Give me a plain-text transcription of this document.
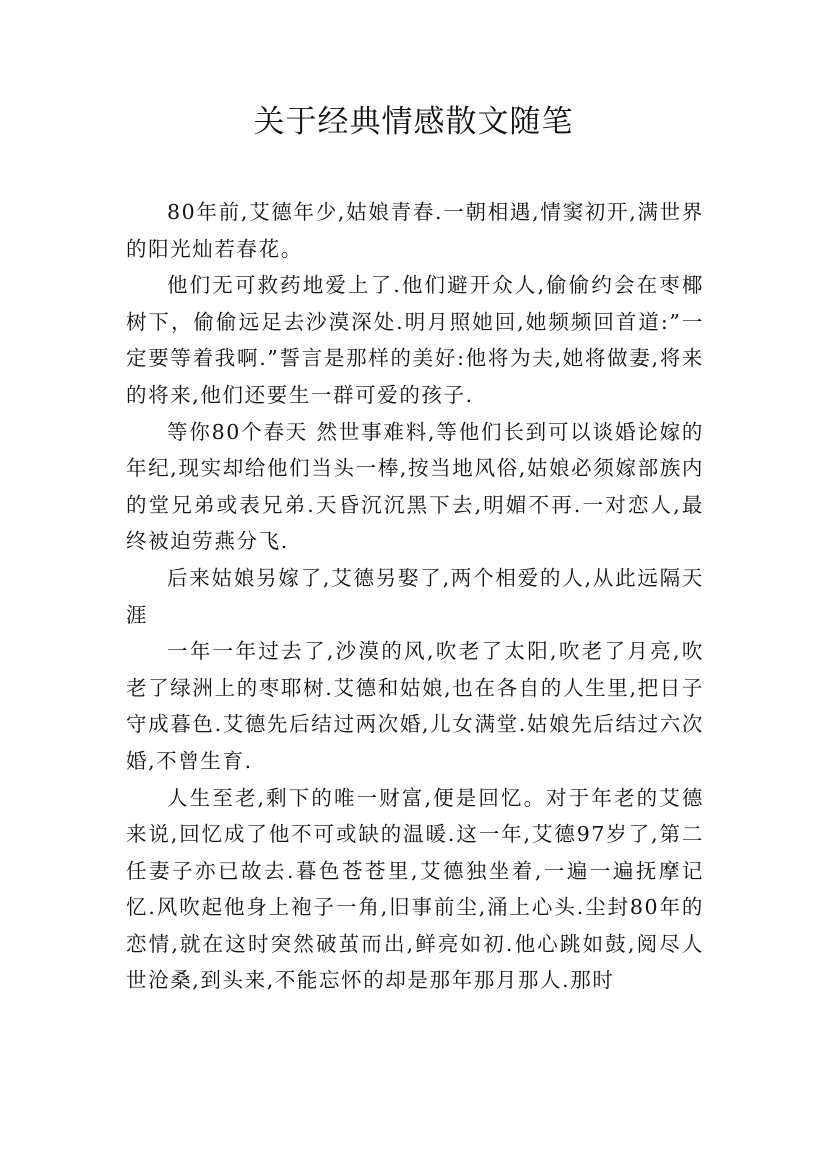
关于经典情感散文随笔

80年前,艾德年少,姑娘青春.一朝相遇,情窦初开,满世界的阳光灿若春花。

他们无可救药地爱上了.他们避开众人,偷偷约会在枣椰树下，偷偷远足去沙漠深处.明月照她回,她频频回首道:”一定要等着我啊.”誓言是那样的美好:他将为夫,她将做妻,将来的将来,他们还要生一群可爱的孩子.

等你80个春天 然世事难料,等他们长到可以谈婚论嫁的年纪,现实却给他们当头一棒,按当地风俗,姑娘必须嫁部族内的堂兄弟或表兄弟.天昏沉沉黑下去,明媚不再.一对恋人,最终被迫劳燕分飞.

后来姑娘另嫁了,艾德另娶了,两个相爱的人,从此远隔天涯

一年一年过去了,沙漠的风,吹老了太阳,吹老了月亮,吹老了绿洲上的枣耶树.艾德和姑娘,也在各自的人生里,把日子守成暮色.艾德先后结过两次婚,儿女满堂.姑娘先后结过六次婚,不曾生育.

人生至老,剩下的唯一财富,便是回忆。对于年老的艾德来说,回忆成了他不可或缺的温暖.这一年,艾德97岁了,第二任妻子亦已故去.暮色苍苍里,艾德独坐着,一遍一遍抚摩记忆.风吹起他身上袍子一角,旧事前尘,涌上心头.尘封80年的恋情,就在这时突然破茧而出,鲜亮如初.他心跳如鼓,阅尽人世沧桑,到头来,不能忘怀的却是那年那月那人.那时
